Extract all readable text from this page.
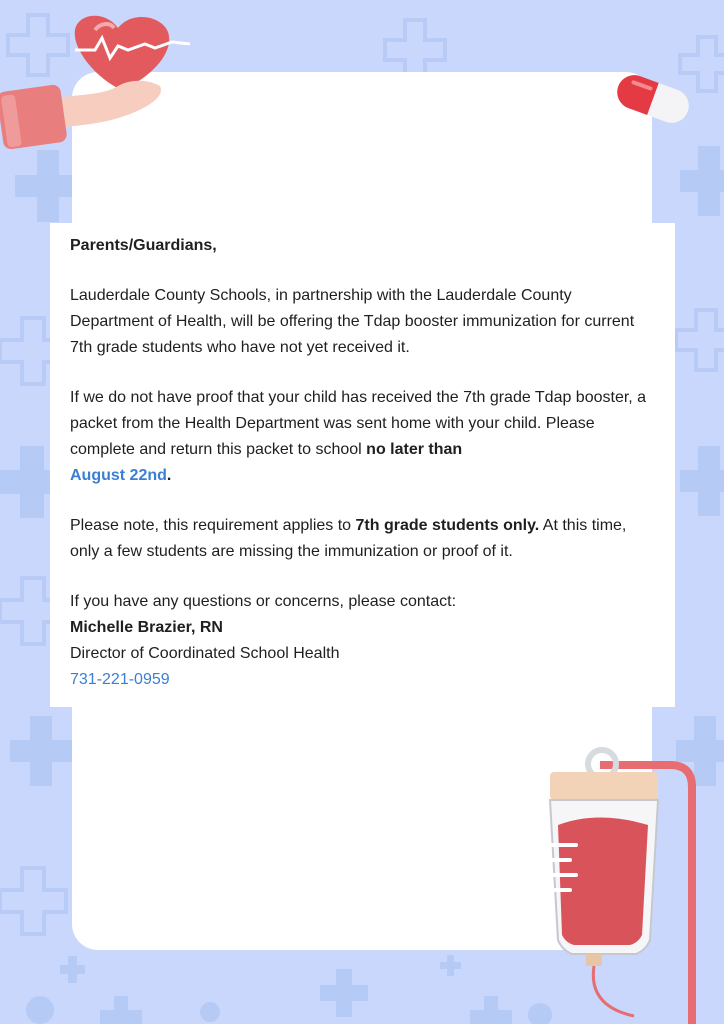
Parents/Guardians,

Lauderdale County Schools, in partnership with the Lauderdale County Department of Health, will be offering the Tdap booster immunization for current 7th grade students who have not yet received it.

If we do not have proof that your child has received the 7th grade Tdap booster, a packet from the Health Department was sent home with your child. Please complete and return this packet to school no later than
August 22nd.

Please note, this requirement applies to 7th grade students only. At this time, only a few students are missing the immunization or proof of it.

If you have any questions or concerns, please contact:

Michelle Brazier, RN

Director of Coordinated School Health

731-221-0959
